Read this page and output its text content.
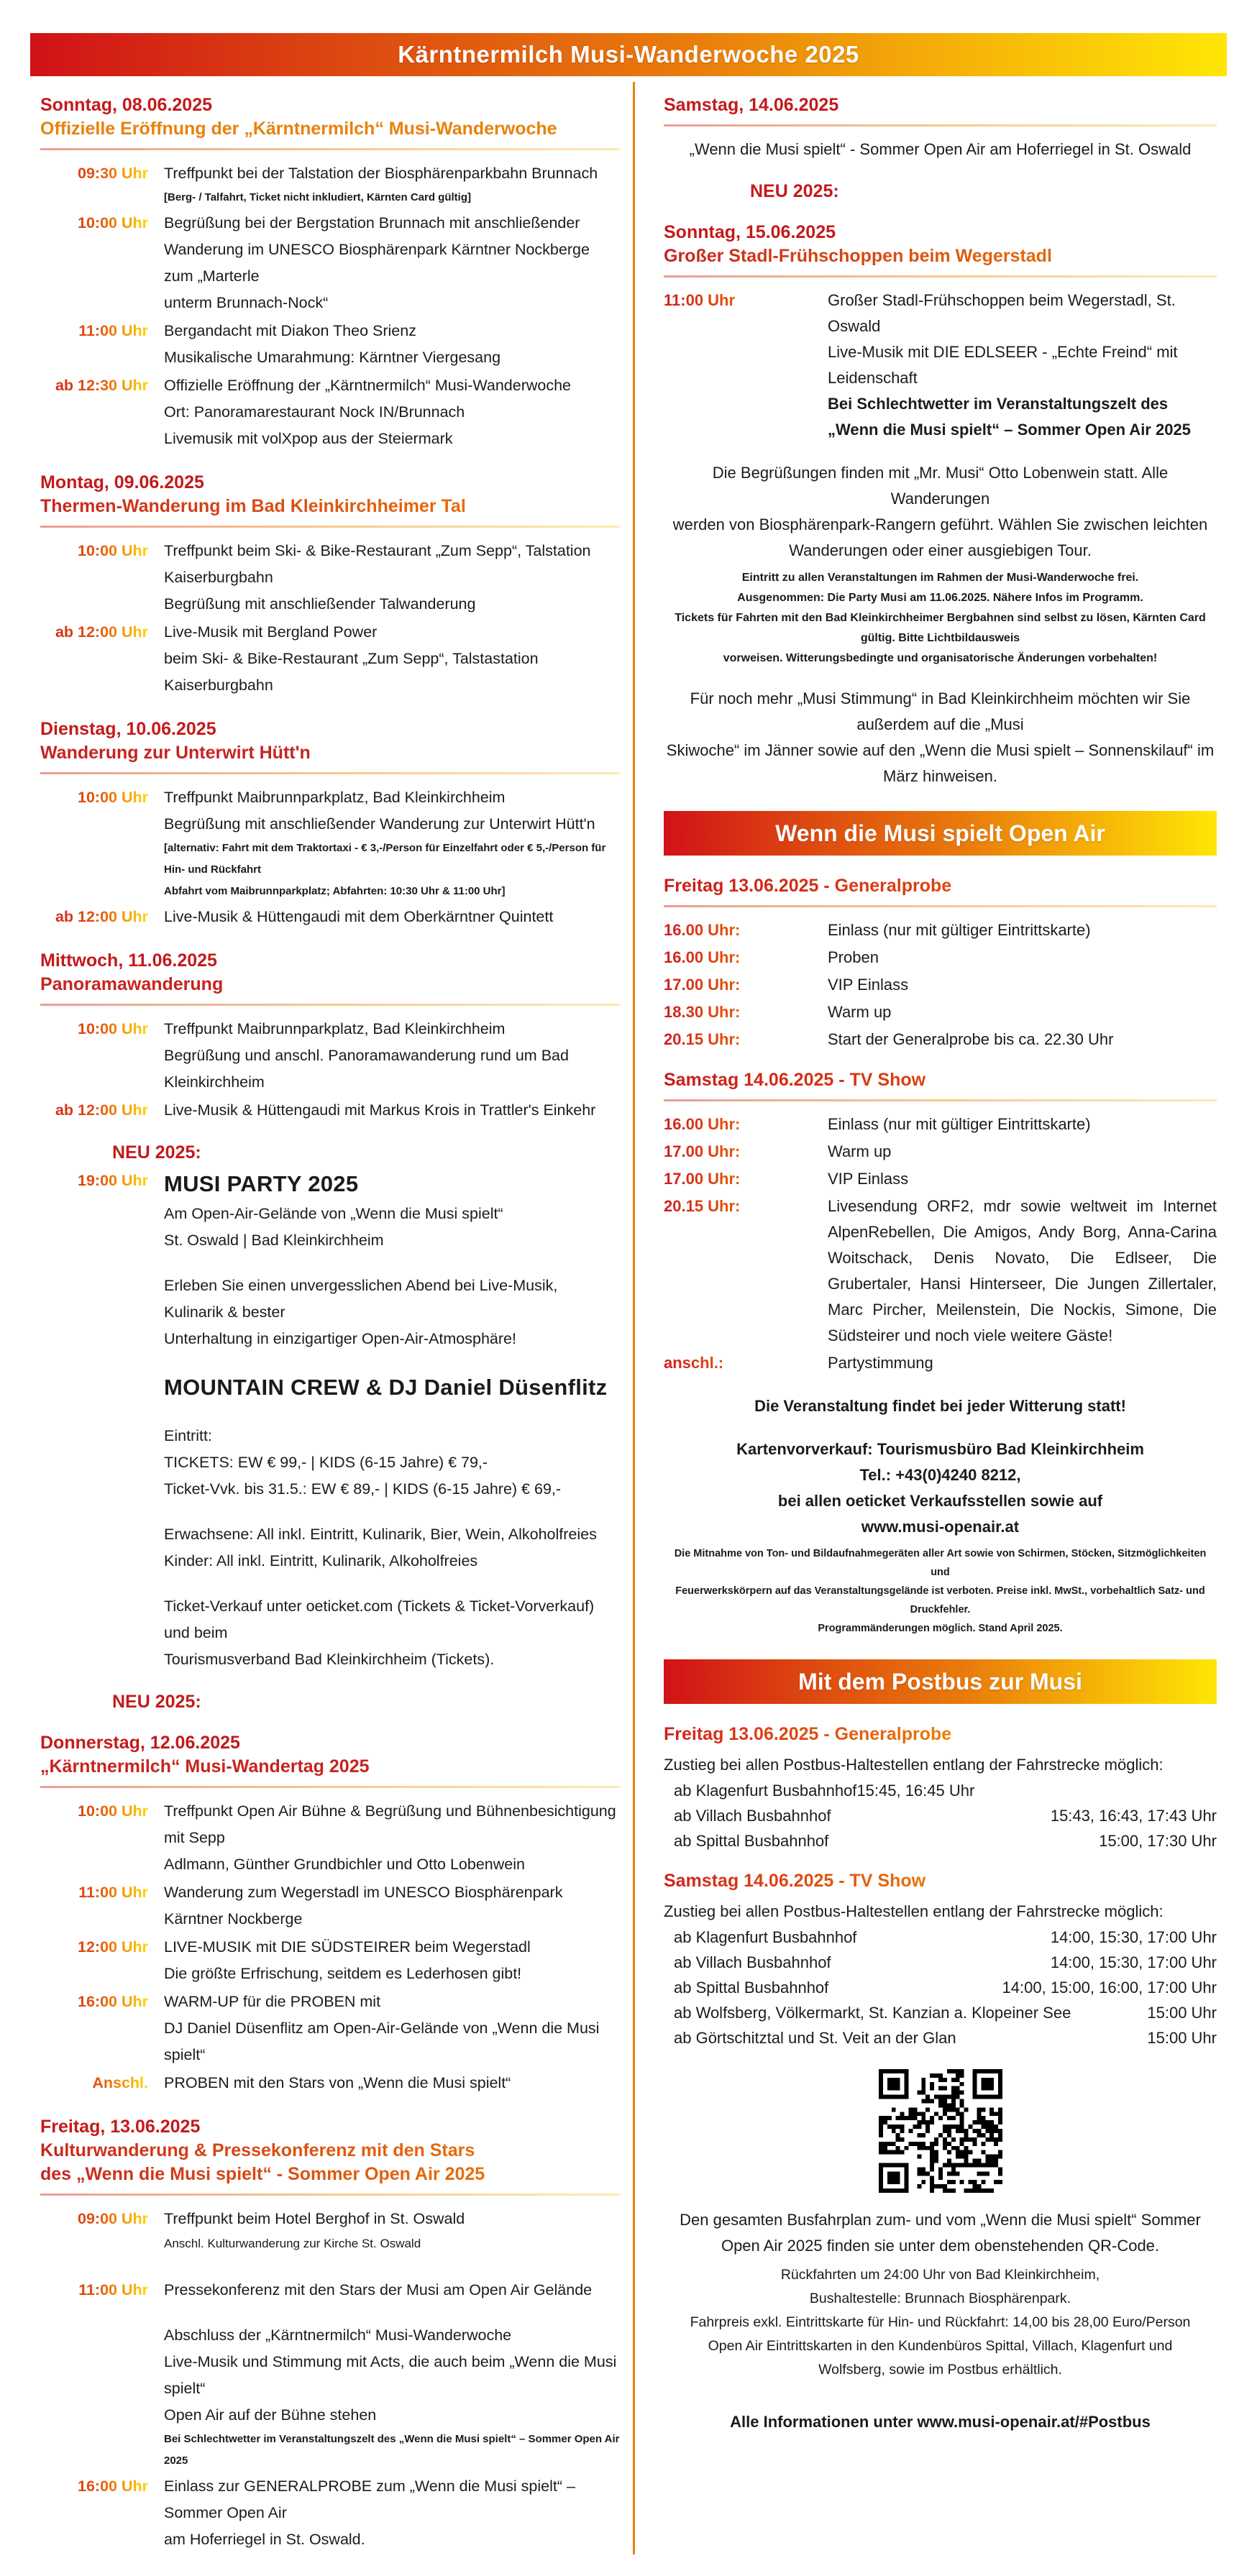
Kärntnermilch Musi-Wanderwoche 2025
Sonntag, 08.06.2025
Offizielle Eröffnung der „Kärntnermilch“ Musi-Wanderwoche
09:30 Uhr Treffpunkt bei der Talstation der Biosphärenparkbahn Brunnach
[Berg- / Talfahrt, Ticket nicht inkludiert, Kärnten Card gültig]
10:00 Uhr Begrüßung bei der Bergstation Brunnach mit anschließender
Wanderung im UNESCO Biosphärenpark Kärntner Nockberge zum „Marterle
unterm Brunnach-Nock“
11:00 Uhr Bergandacht mit Diakon Theo Srienz
Musikalische Umarahmung: Kärntner Viergesang
ab 12:30 Uhr Offizielle Eröffnung der „Kärntnermilch“ Musi-Wanderwoche
Ort: Panoramarestaurant Nock IN/Brunnach
Livemusik mit volXpop aus der Steiermark
Montag, 09.06.2025
Thermen-Wanderung im Bad Kleinkirchheimer Tal
10:00 Uhr Treffpunkt beim Ski- & Bike-Restaurant „Zum Sepp“, Talstation Kaiserburgbahn
Begrüßung mit anschließender Talwanderung
ab 12:00 Uhr Live-Musik mit Bergland Power
beim Ski- & Bike-Restaurant „Zum Sepp“, Talstastation Kaiserburgbahn
Dienstag, 10.06.2025
Wanderung zur Unterwirt Hütt'n
10:00 Uhr Treffpunkt Maibrunnparkplatz, Bad Kleinkirchheim
Begrüßung mit anschließender Wanderung zur Unterwirt Hütt'n
[alternativ: Fahrt mit dem Traktortaxi - € 3,-/Person für Einzelfahrt oder € 5,-/Person für Hin- und Rückfahrt
Abfahrt vom Maibrunnparkplatz; Abfahrten: 10:30 Uhr & 11:00 Uhr]
ab 12:00 Uhr Live-Musik & Hüttengaudi mit dem Oberkärntner Quintett
Mittwoch, 11.06.2025
Panoramawanderung
10:00 Uhr Treffpunkt Maibrunnparkplatz, Bad Kleinkirchheim
Begrüßung und anschl. Panoramawanderung rund um Bad Kleinkirchheim
ab 12:00 Uhr Live-Musik & Hüttengaudi mit Markus Krois in Trattler's Einkehr
NEU 2025:
19:00 Uhr MUSI PARTY 2025
Am Open-Air-Gelände von „Wenn die Musi spielt“
St. Oswald | Bad Kleinkirchheim
Erleben Sie einen unvergesslichen Abend bei Live-Musik, Kulinarik & bester
Unterhaltung in einzigartiger Open-Air-Atmosphäre!
MOUNTAIN CREW & DJ Daniel Düsenflitz
Eintritt:
TICKETS: EW € 99,- | KIDS (6-15 Jahre) € 79,-
Ticket-Vvk. bis 31.5.: EW € 89,- | KIDS (6-15 Jahre) € 69,-
Erwachsene: All inkl. Eintritt, Kulinarik, Bier, Wein, Alkoholfreies
Kinder: All inkl. Eintritt, Kulinarik, Alkoholfreies
Ticket-Verkauf unter oeticket.com (Tickets & Ticket-Vorverkauf) und beim
Tourismusverband Bad Kleinkirchheim (Tickets).
NEU 2025:
Donnerstag, 12.06.2025
„Kärntnermilch“ Musi-Wandertag 2025
10:00 Uhr Treffpunkt Open Air Bühne & Begrüßung und Bühnenbesichtigung mit Sepp
Adlmann, Günther Grundbichler und Otto Lobenwein
11:00 Uhr Wanderung zum Wegerstadl im UNESCO Biosphärenpark Kärntner Nockberge
12:00 Uhr LIVE-MUSIK mit DIE SÜDSTEIRER beim Wegerstadl
Die größte Erfrischung, seitdem es Lederhosen gibt!
16:00 Uhr WARM-UP für die PROBEN mit
DJ Daniel Düsenflitz am Open-Air-Gelände von „Wenn die Musi spielt“
Anschl. PROBEN mit den Stars von „Wenn die Musi spielt“
Freitag, 13.06.2025
Kulturwanderung & Pressekonferenz mit den Stars
des „Wenn die Musi spielt“ - Sommer Open Air 2025
09:00 Uhr Treffpunkt beim Hotel Berghof in St. Oswald
Anschl. Kulturwanderung zur Kirche St. Oswald
11:00 Uhr Pressekonferenz mit den Stars der Musi am Open Air Gelände
Abschluss der „Kärntnermilch“ Musi-Wanderwoche
Live-Musik und Stimmung mit Acts, die auch beim „Wenn die Musi spielt“
Open Air auf der Bühne stehen
Bei Schlechtwetter im Veranstaltungszelt des „Wenn die Musi spielt“ – Sommer Open Air 2025
16:00 Uhr Einlass zur GENERALPROBE zum „Wenn die Musi spielt“ – Sommer Open Air
am Hoferriegel in St. Oswald.
Samstag, 14.06.2025
„Wenn die Musi spielt“ - Sommer Open Air am Hoferriegel in St. Oswald
NEU 2025:
Sonntag, 15.06.2025
Großer Stadl-Frühschoppen beim Wegerstadl
11:00 Uhr	Großer Stadl-Frühschoppen beim Wegerstadl, St. Oswald
Live-Musik mit DIE EDLSEER - „Echte Freind“ mit Leidenschaft
Bei Schlechtwetter im Veranstaltungszelt des „Wenn die Musi spielt“ – Sommer Open Air 2025
Die Begrüßungen finden mit „Mr. Musi“ Otto Lobenwein statt. Alle Wanderungen
werden von Biosphärenpark-Rangern geführt. Wählen Sie zwischen leichten
Wanderungen oder einer ausgiebigen Tour.
Eintritt zu allen Veranstaltungen im Rahmen der Musi-Wanderwoche frei.
Ausgenommen: Die Party Musi am 11.06.2025. Nähere Infos im Programm.
Tickets für Fahrten mit den Bad Kleinkirchheimer Bergbahnen sind selbst zu lösen, Kärnten Card gültig. Bitte Lichtbildausweis
vorweisen. Witterungsbedingte und organisatorische Änderungen vorbehalten!
Für noch mehr „Musi Stimmung“ in Bad Kleinkirchheim möchten wir Sie außerdem auf die „Musi
Skiwoche“ im Jänner sowie auf den „Wenn die Musi spielt – Sonnenskilauf“ im März hinweisen.
Wenn die Musi spielt Open Air
Freitag 13.06.2025 - Generalprobe
16.00 Uhr:	Einlass (nur mit gültiger Eintrittskarte)
16.00 Uhr:	Proben
17.00 Uhr:	VIP Einlass
18.30 Uhr:	Warm up
20.15 Uhr:	Start der Generalprobe bis ca. 22.30 Uhr
Samstag 14.06.2025 - TV Show
16.00 Uhr:	Einlass (nur mit gültiger Eintrittskarte)
17.00 Uhr:	Warm up
17.00 Uhr:	VIP Einlass
20.15 Uhr:	Livesendung ORF2, mdr sowie weltweit im Internet AlpenRebellen, Die Amigos, Andy Borg, Anna-Carina Woitschack, Denis Novato, Die Edlseer, Die Grubertaler, Hansi Hinterseer, Die Jungen Zillertaler, Marc Pircher, Meilenstein, Die Nockis, Simone, Die Südsteirer und noch viele weitere Gäste!
anschl.:	Partystimmung
Die Veranstaltung findet bei jeder Witterung statt!
Kartenvorverkauf: Tourismusbüro Bad Kleinkirchheim
Tel.: +43(0)4240 8212,
bei allen oeticket Verkaufsstellen sowie auf
www.musi-openair.at
Die Mitnahme von Ton- und Bildaufnahmegeräten aller Art sowie von Schirmen, Stöcken, Sitzmöglichkeiten und
Feuerwerkskörpern auf das Veranstaltungsgelände ist verboten. Preise inkl. MwSt., vorbehaltlich Satz- und Druckfehler.
Programmänderungen möglich. Stand April 2025.
Mit dem Postbus zur Musi
Freitag 13.06.2025 - Generalprobe
Zustieg bei allen Postbus-Haltestellen entlang der Fahrstrecke möglich:
ab Klagenfurt Busbahnhof 15:45, 16:45 Uhr
ab Villach Busbahnhof	15:43, 16:43, 17:43 Uhr
ab Spittal Busbahnhof	15:00, 17:30 Uhr
Samstag 14.06.2025 - TV Show
Zustieg bei allen Postbus-Haltestellen entlang der Fahrstrecke möglich:
ab Klagenfurt Busbahnhof	14:00, 15:30, 17:00 Uhr
ab Villach Busbahnhof	14:00, 15:30, 17:00 Uhr
ab Spittal Busbahnhof	14:00, 15:00, 16:00, 17:00 Uhr
ab Wolfsberg, Völkermarkt, St. Kanzian a. Klopeiner See	15:00 Uhr
ab Görtschitztal und St. Veit an der Glan	15:00 Uhr
Den gesamten Busfahrplan zum- und vom „Wenn die Musi spielt“ Sommer
Open Air 2025 finden sie unter dem obenstehenden QR-Code.
Rückfahrten um 24:00 Uhr von Bad Kleinkirchheim,
Bushaltestelle: Brunnach Biosphärenpark.
Fahrpreis exkl. Eintrittskarte für Hin- und Rückfahrt: 14,00 bis 28,00 Euro/Person
Open Air Eintrittskarten in den Kundenbüros Spittal, Villach, Klagenfurt und
Wolfsberg, sowie im Postbus erhältlich.
Alle Informationen unter www.musi-openair.at/#Postbus
